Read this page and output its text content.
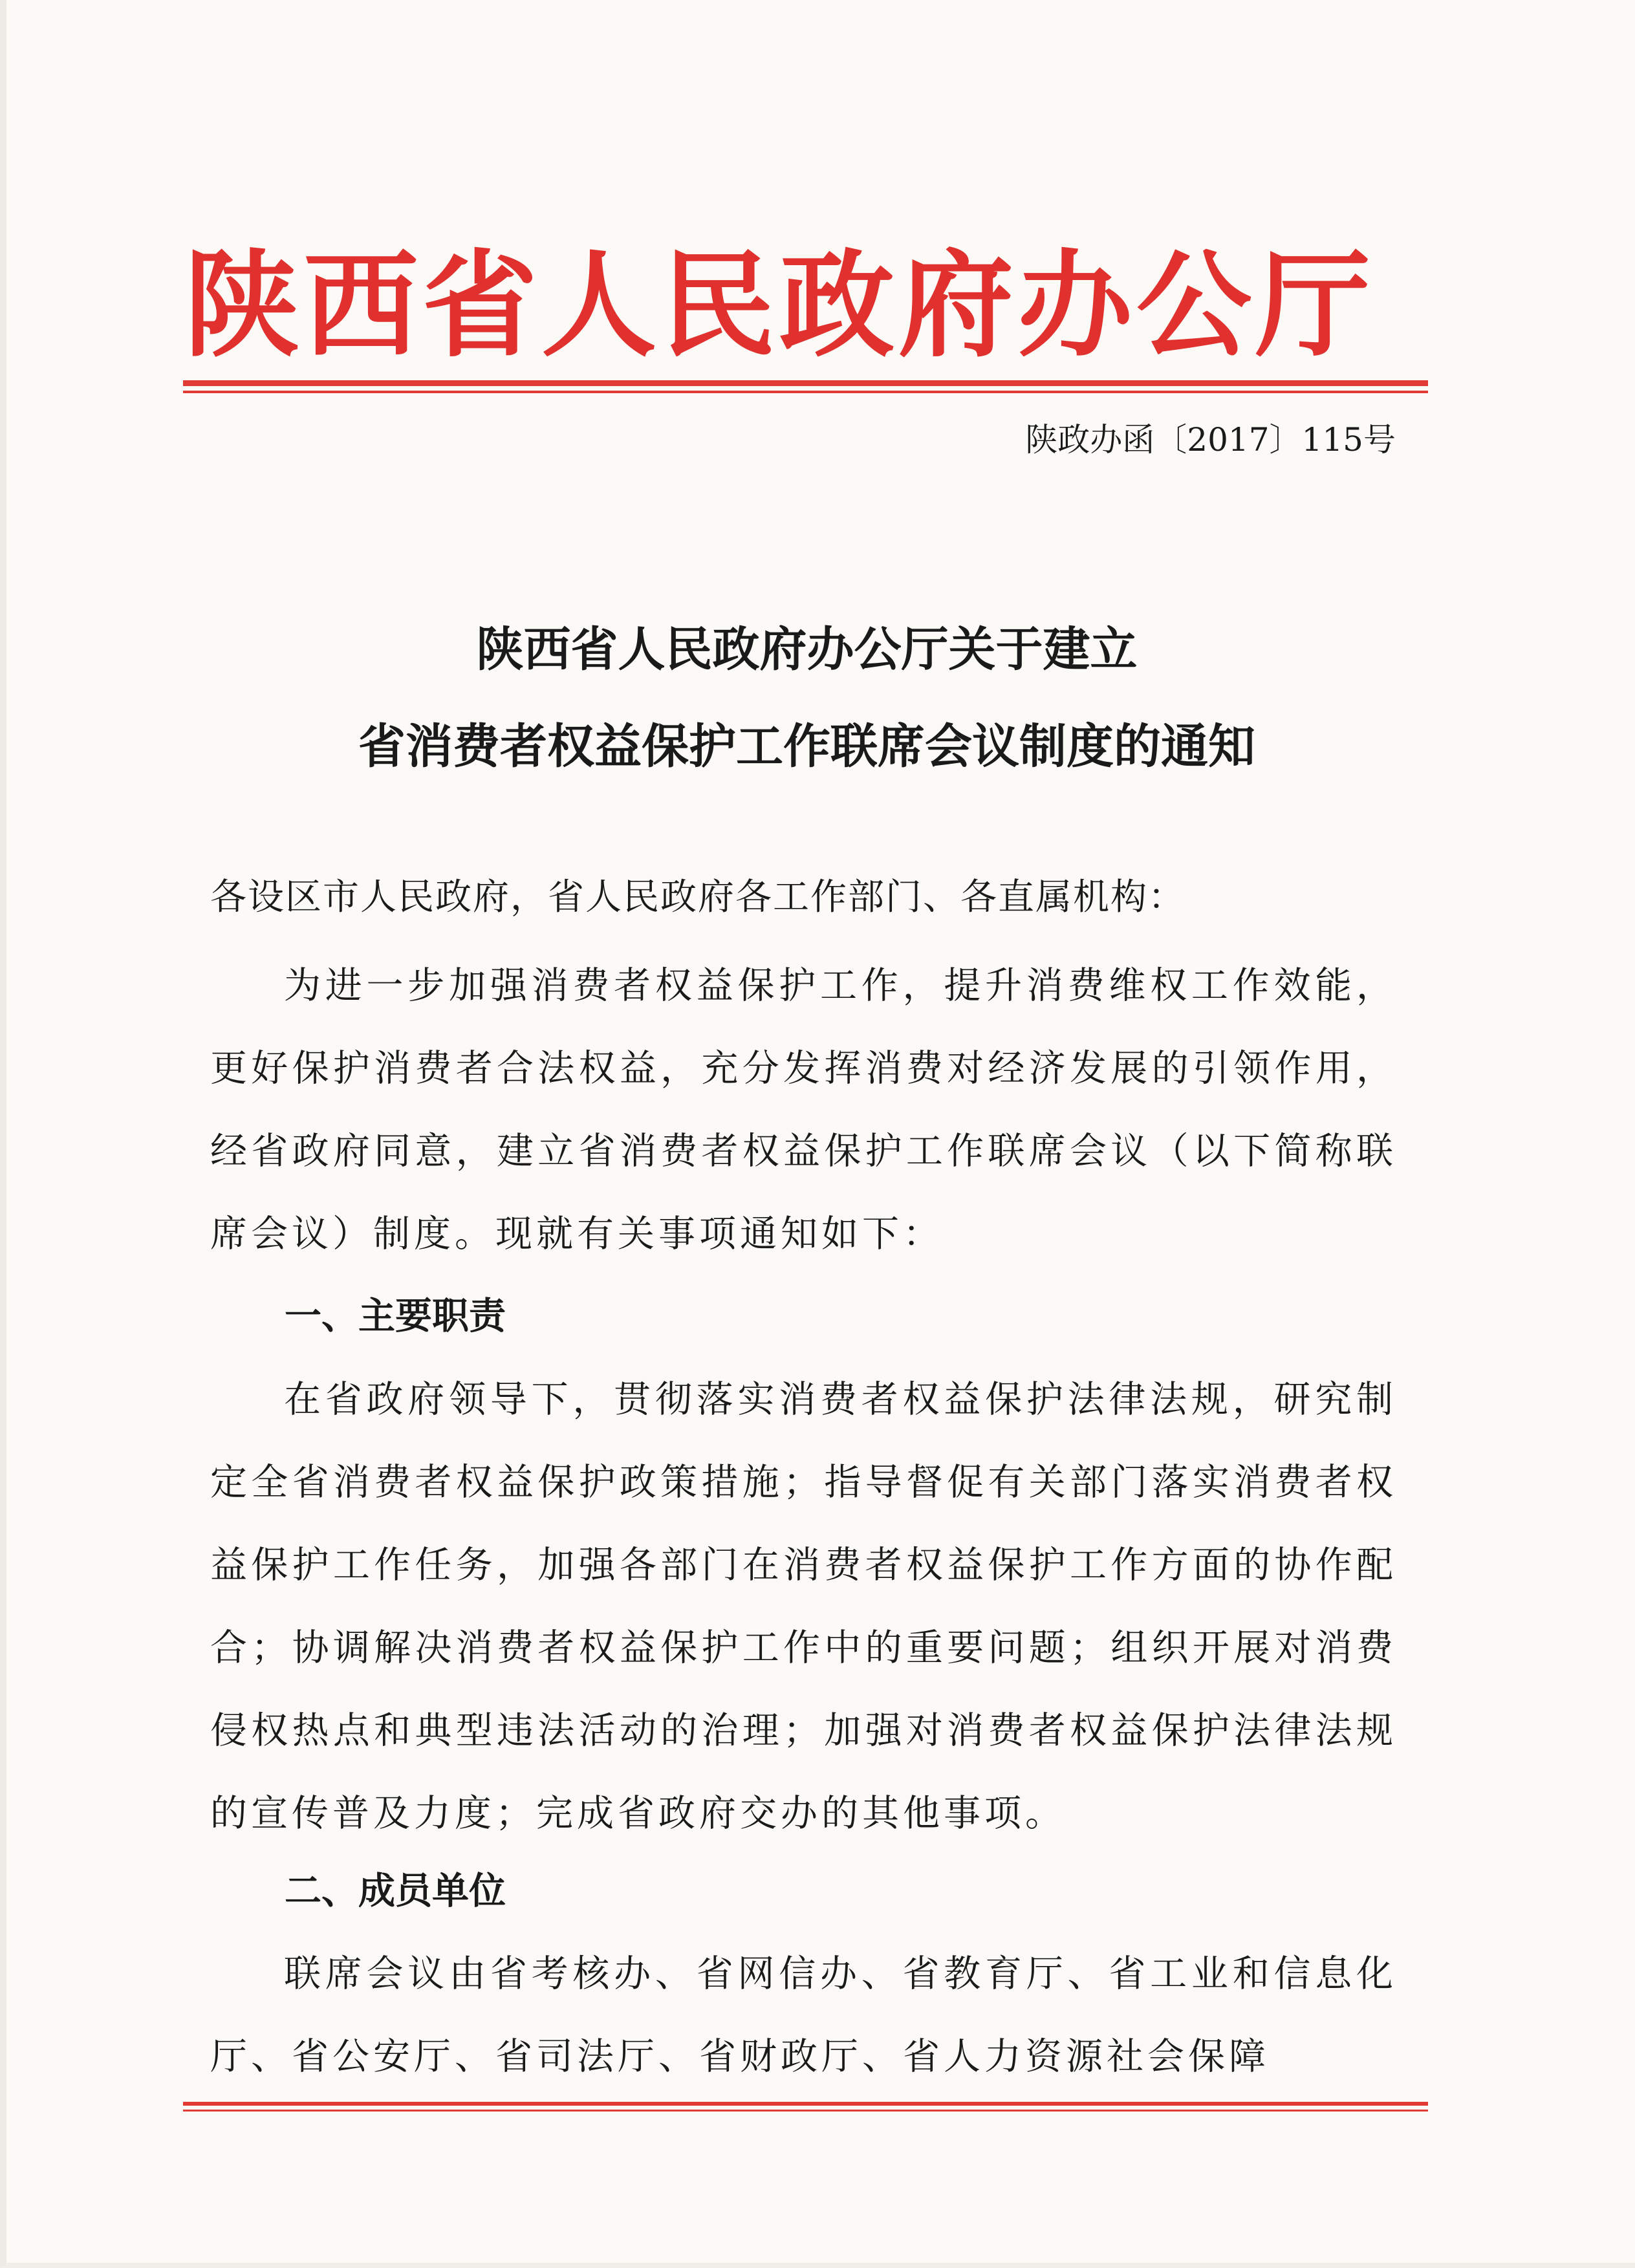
陕西省人民政府办公厅
陕政办函〔2017〕115号
陕西省人民政府办公厅关于建立
省消费者权益保护工作联席会议制度的通知
各设区市人民政府，省人民政府各工作部门、各直属机构：

为进一步加强消费者权益保护工作，提升消费维权工作效能，更好保护消费者合法权益，充分发挥消费对经济发展的引领作用，经省政府同意，建立省消费者权益保护工作联席会议（以下简称联席会议）制度。现就有关事项通知如下：

一、主要职责

在省政府领导下，贯彻落实消费者权益保护法律法规，研究制定全省消费者权益保护政策措施；指导督促有关部门落实消费者权益保护工作任务，加强各部门在消费者权益保护工作方面的协作配合；协调解决消费者权益保护工作中的重要问题；组织开展对消费侵权热点和典型违法活动的治理；加强对消费者权益保护法律法规的宣传普及力度；完成省政府交办的其他事项。

二、成员单位

联席会议由省考核办、省网信办、省教育厅、省工业和信息化厅、省公安厅、省司法厅、省财政厅、省人力资源社会保障
